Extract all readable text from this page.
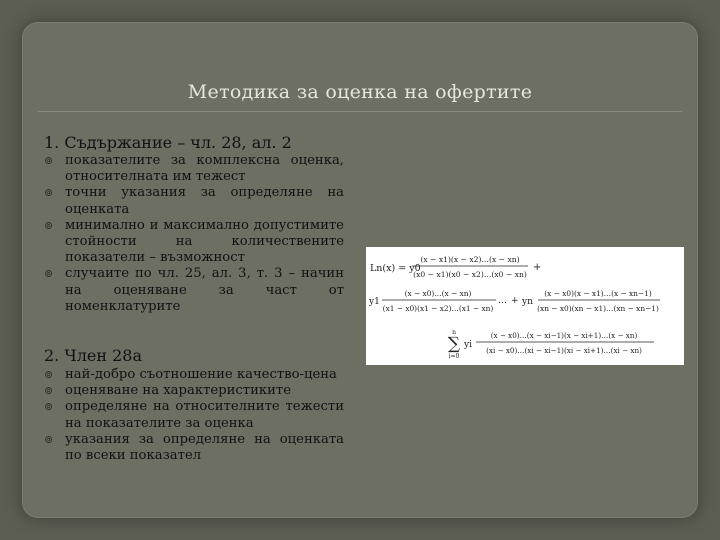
Методика за оценка на офертите
1. Съдържание – чл. 28, ал. 2
⊚ показателите за комплексна оценка, относителната им тежест
⊚ точни указания за определяне на оценката
⊚ минимално и максимално допустимите стойности на количествените показатели – възможност
⊚ случаите по чл. 25, ал. 3, т. 3 – начин на оценяване за част от номенклатурите
2. Член 28а
⊚ най-добро съотношение качество-цена
⊚ оценяване на характеристиките
⊚ определяне на относителните тежести на показателите за оценка
⊚ указания за определяне на оценката по всеки показател
Ln(x) = y0
(x − x1)(x − x2)…(x − xn)
(x0 − x1)(x0 − x2)…(x0 − xn)
+
y1
(x − x0)…(x − xn)
(x1 − x0)(x1 − x2)…(x1 − xn)
… + yn
(x − x0)(x − x1)…(x − xn−1)
(xn − x0)(xn − x1)…(xn − xn−1)
n
∑
i=0
yi
(x − x0)…(x − xi−1)(x − xi+1)…(x − xn)
(xi − x0)…(xi − xi−1)(xi − xi+1)…(xi − xn)
